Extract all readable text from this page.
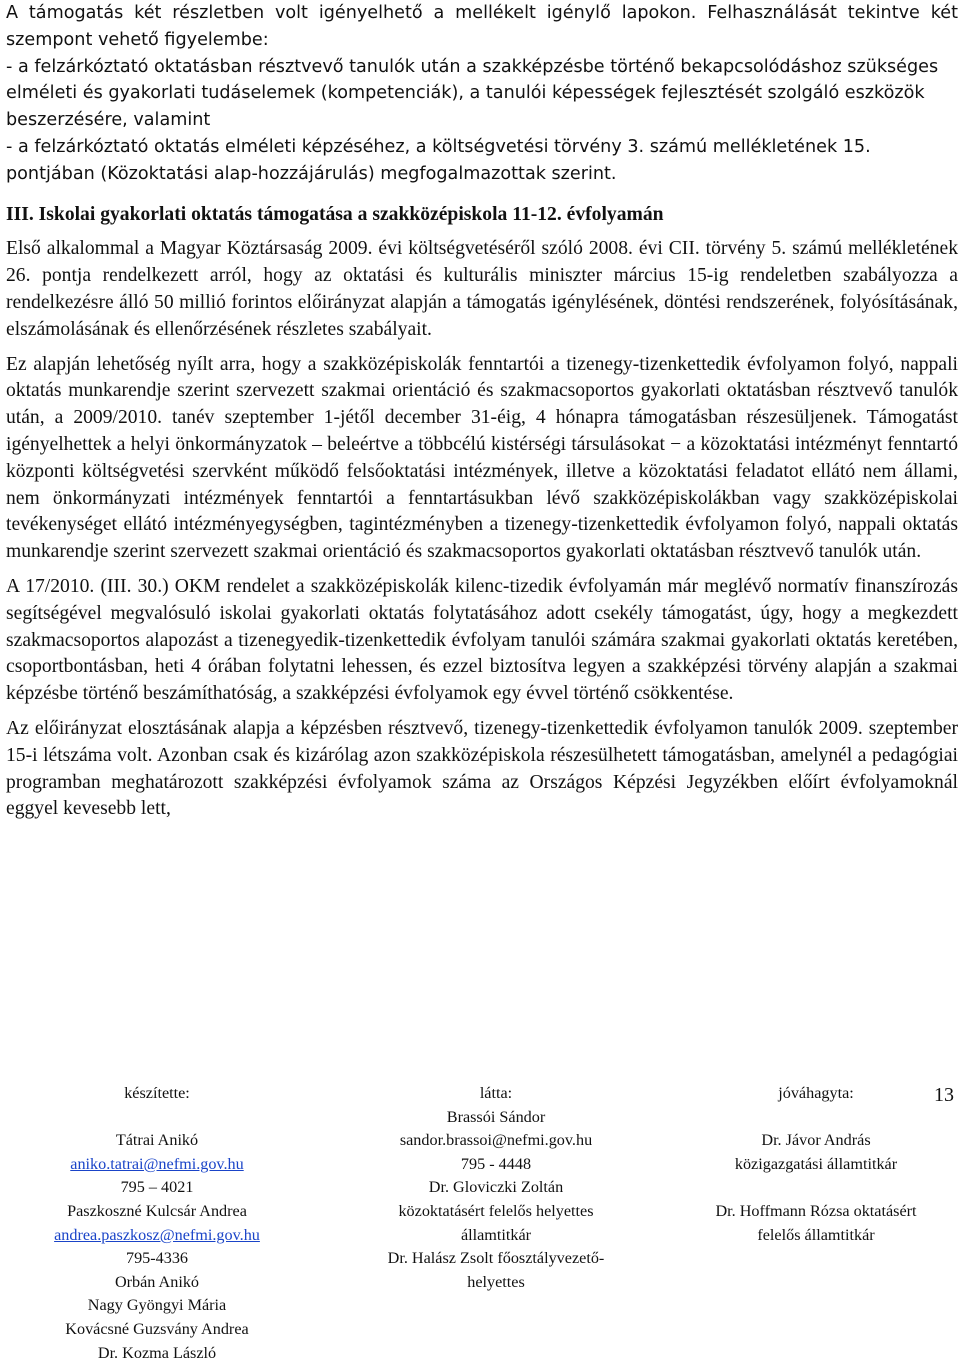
A támogatás két részletben volt igényelhető a mellékelt igénylő lapokon. Felhasználását tekintve két szempont vehető figyelembe:

- a felzárkóztató oktatásban résztvevő tanulók után a szakképzésbe történő bekapcsolódáshoz szükséges elméleti és gyakorlati tudáselemek (kompetenciák), a tanulói képességek fejlesztését szolgáló eszközök beszerzésére, valamint

- a felzárkóztató oktatás elméleti képzéséhez, a költségvetési törvény 3. számú mellékletének 15. pontjában (Közoktatási alap-hozzájárulás) megfogalmazottak szerint.

III. Iskolai gyakorlati oktatás támogatása a szakközépiskola 11-12. évfolyamán

Első alkalommal a Magyar Köztársaság 2009. évi költségvetéséről szóló 2008. évi CII. törvény 5. számú mellékletének 26. pontja rendelkezett arról, hogy az oktatási és kulturális miniszter március 15-ig rendeletben szabályozza a rendelkezésre álló 50 millió forintos előirányzat alapján a támogatás igénylésének, döntési rendszerének, folyósításának, elszámolásának és ellenőrzésének részletes szabályait.

Ez alapján lehetőség nyílt arra, hogy a szakközépiskolák fenntartói a tizenegy-tizenkettedik évfolyamon folyó, nappali oktatás munkarendje szerint szervezett szakmai orientáció és szakmacsoportos gyakorlati oktatásban résztvevő tanulók után, a 2009/2010. tanév szeptember 1-jétől december 31-éig, 4 hónapra támogatásban részesüljenek. Támogatást igényelhettek a helyi önkormányzatok – beleértve a többcélú kistérségi társulásokat − a közoktatási intézményt fenntartó központi költségvetési szervként működő felsőoktatási intézmények, illetve a közoktatási feladatot ellátó nem állami, nem önkormányzati intézmények fenntartói a fenntartásukban lévő szakközépiskolákban vagy szakközépiskolai tevékenységet ellátó intézményegységben, tagintézményben a tizenegy-tizenkettedik évfolyamon folyó, nappali oktatás munkarendje szerint szervezett szakmai orientáció és szakmacsoportos gyakorlati oktatásban résztvevő tanulók után.

A 17/2010. (III. 30.) OKM rendelet a szakközépiskolák kilenc-tizedik évfolyamán már meglévő normatív finanszírozás segítségével megvalósuló iskolai gyakorlati oktatás folytatásához adott csekély támogatást, úgy, hogy a megkezdett szakmacsoportos alapozást a tizenegyedik-tizenkettedik évfolyam tanulói számára szakmai gyakorlati oktatás keretében, csoportbontásban, heti 4 órában folytatni lehessen, és ezzel biztosítva legyen a szakképzési törvény alapján a szakmai képzésbe történő beszámíthatóság, a szakképzési évfolyamok egy évvel történő csökkentése.

Az előirányzat elosztásának alapja a képzésben résztvevő, tizenegy-tizenkettedik évfolyamon tanulók 2009. szeptember 15-i létszáma volt. Azonban csak és kizárólag azon szakközépiskola részesülhetett támogatásban, amelynél a pedagógiai programban meghatározott szakképzési évfolyamok száma az Országos Képzési Jegyzékben előírt évfolyamoknál eggyel kevesebb lett,

készítette:
Tátrai Anikó
aniko.tatrai@nefmi.gov.hu
795 – 4021
Paszkoszné Kulcsár Andrea
andrea.paszkosz@nefmi.gov.hu
795-4336
Orbán Anikó
Nagy Gyöngyi Mária
Kovácsné Guzsvány Andrea
Dr. Kozma László
látta:
Brassói Sándor
sandor.brassoi@nefmi.gov.hu
795 - 4448
Dr. Gloviczki Zoltán
közoktatásért felelős helyettes
államtitkár
Dr. Halász Zsolt főosztályvezető-
helyettes
jóváhagyta:
Dr. Jávor András
közigazgatási államtitkár
Dr. Hoffmann Rózsa oktatásért
felelős államtitkár
13
